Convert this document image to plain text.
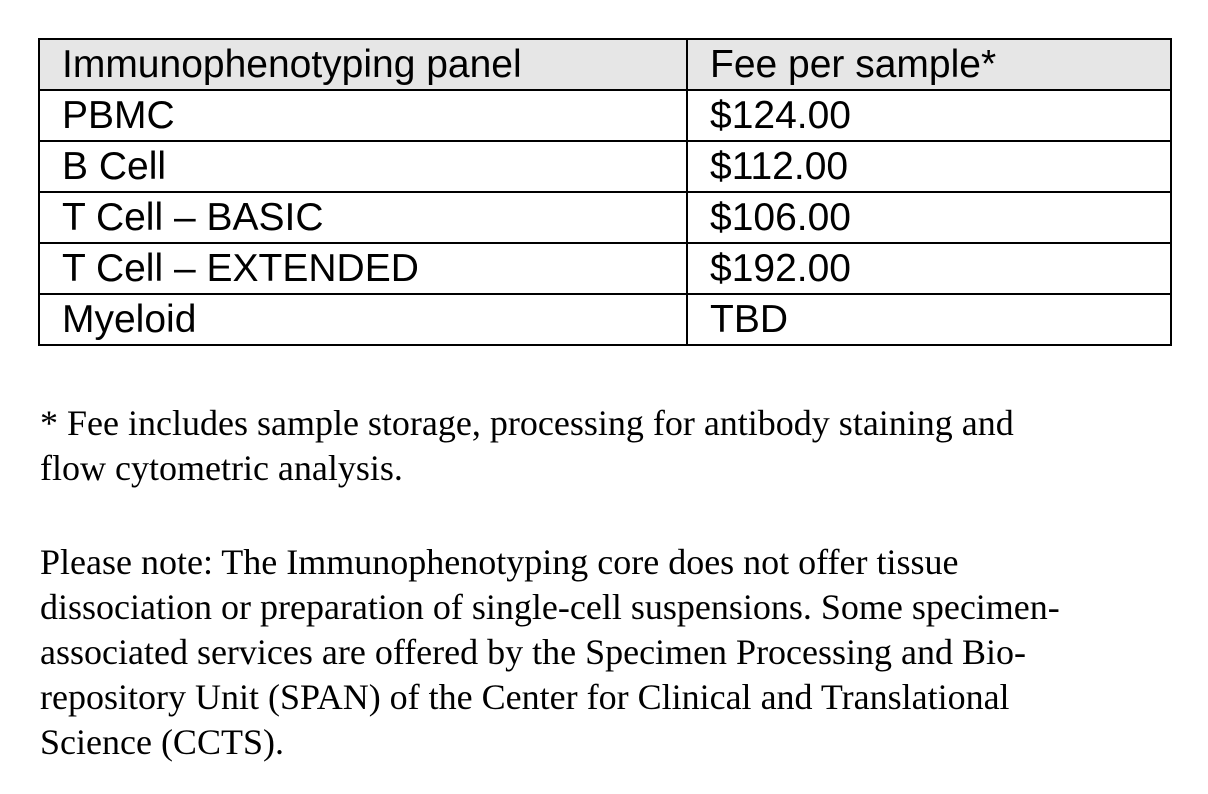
Immunophenotyping panel	Fee per sample*
PBMC	$124.00
B Cell	$112.00
T Cell – BASIC	$106.00
T Cell – EXTENDED	$192.00
Myeloid	TBD
* Fee includes sample storage, processing for antibody staining and
flow cytometric analysis.
Please note: The Immunophenotyping core does not offer tissue
dissociation or preparation of single-cell suspensions. Some specimen-
associated services are offered by the Specimen Processing and Bio-
repository Unit (SPAN) of the Center for Clinical and Translational
Science (CCTS).
